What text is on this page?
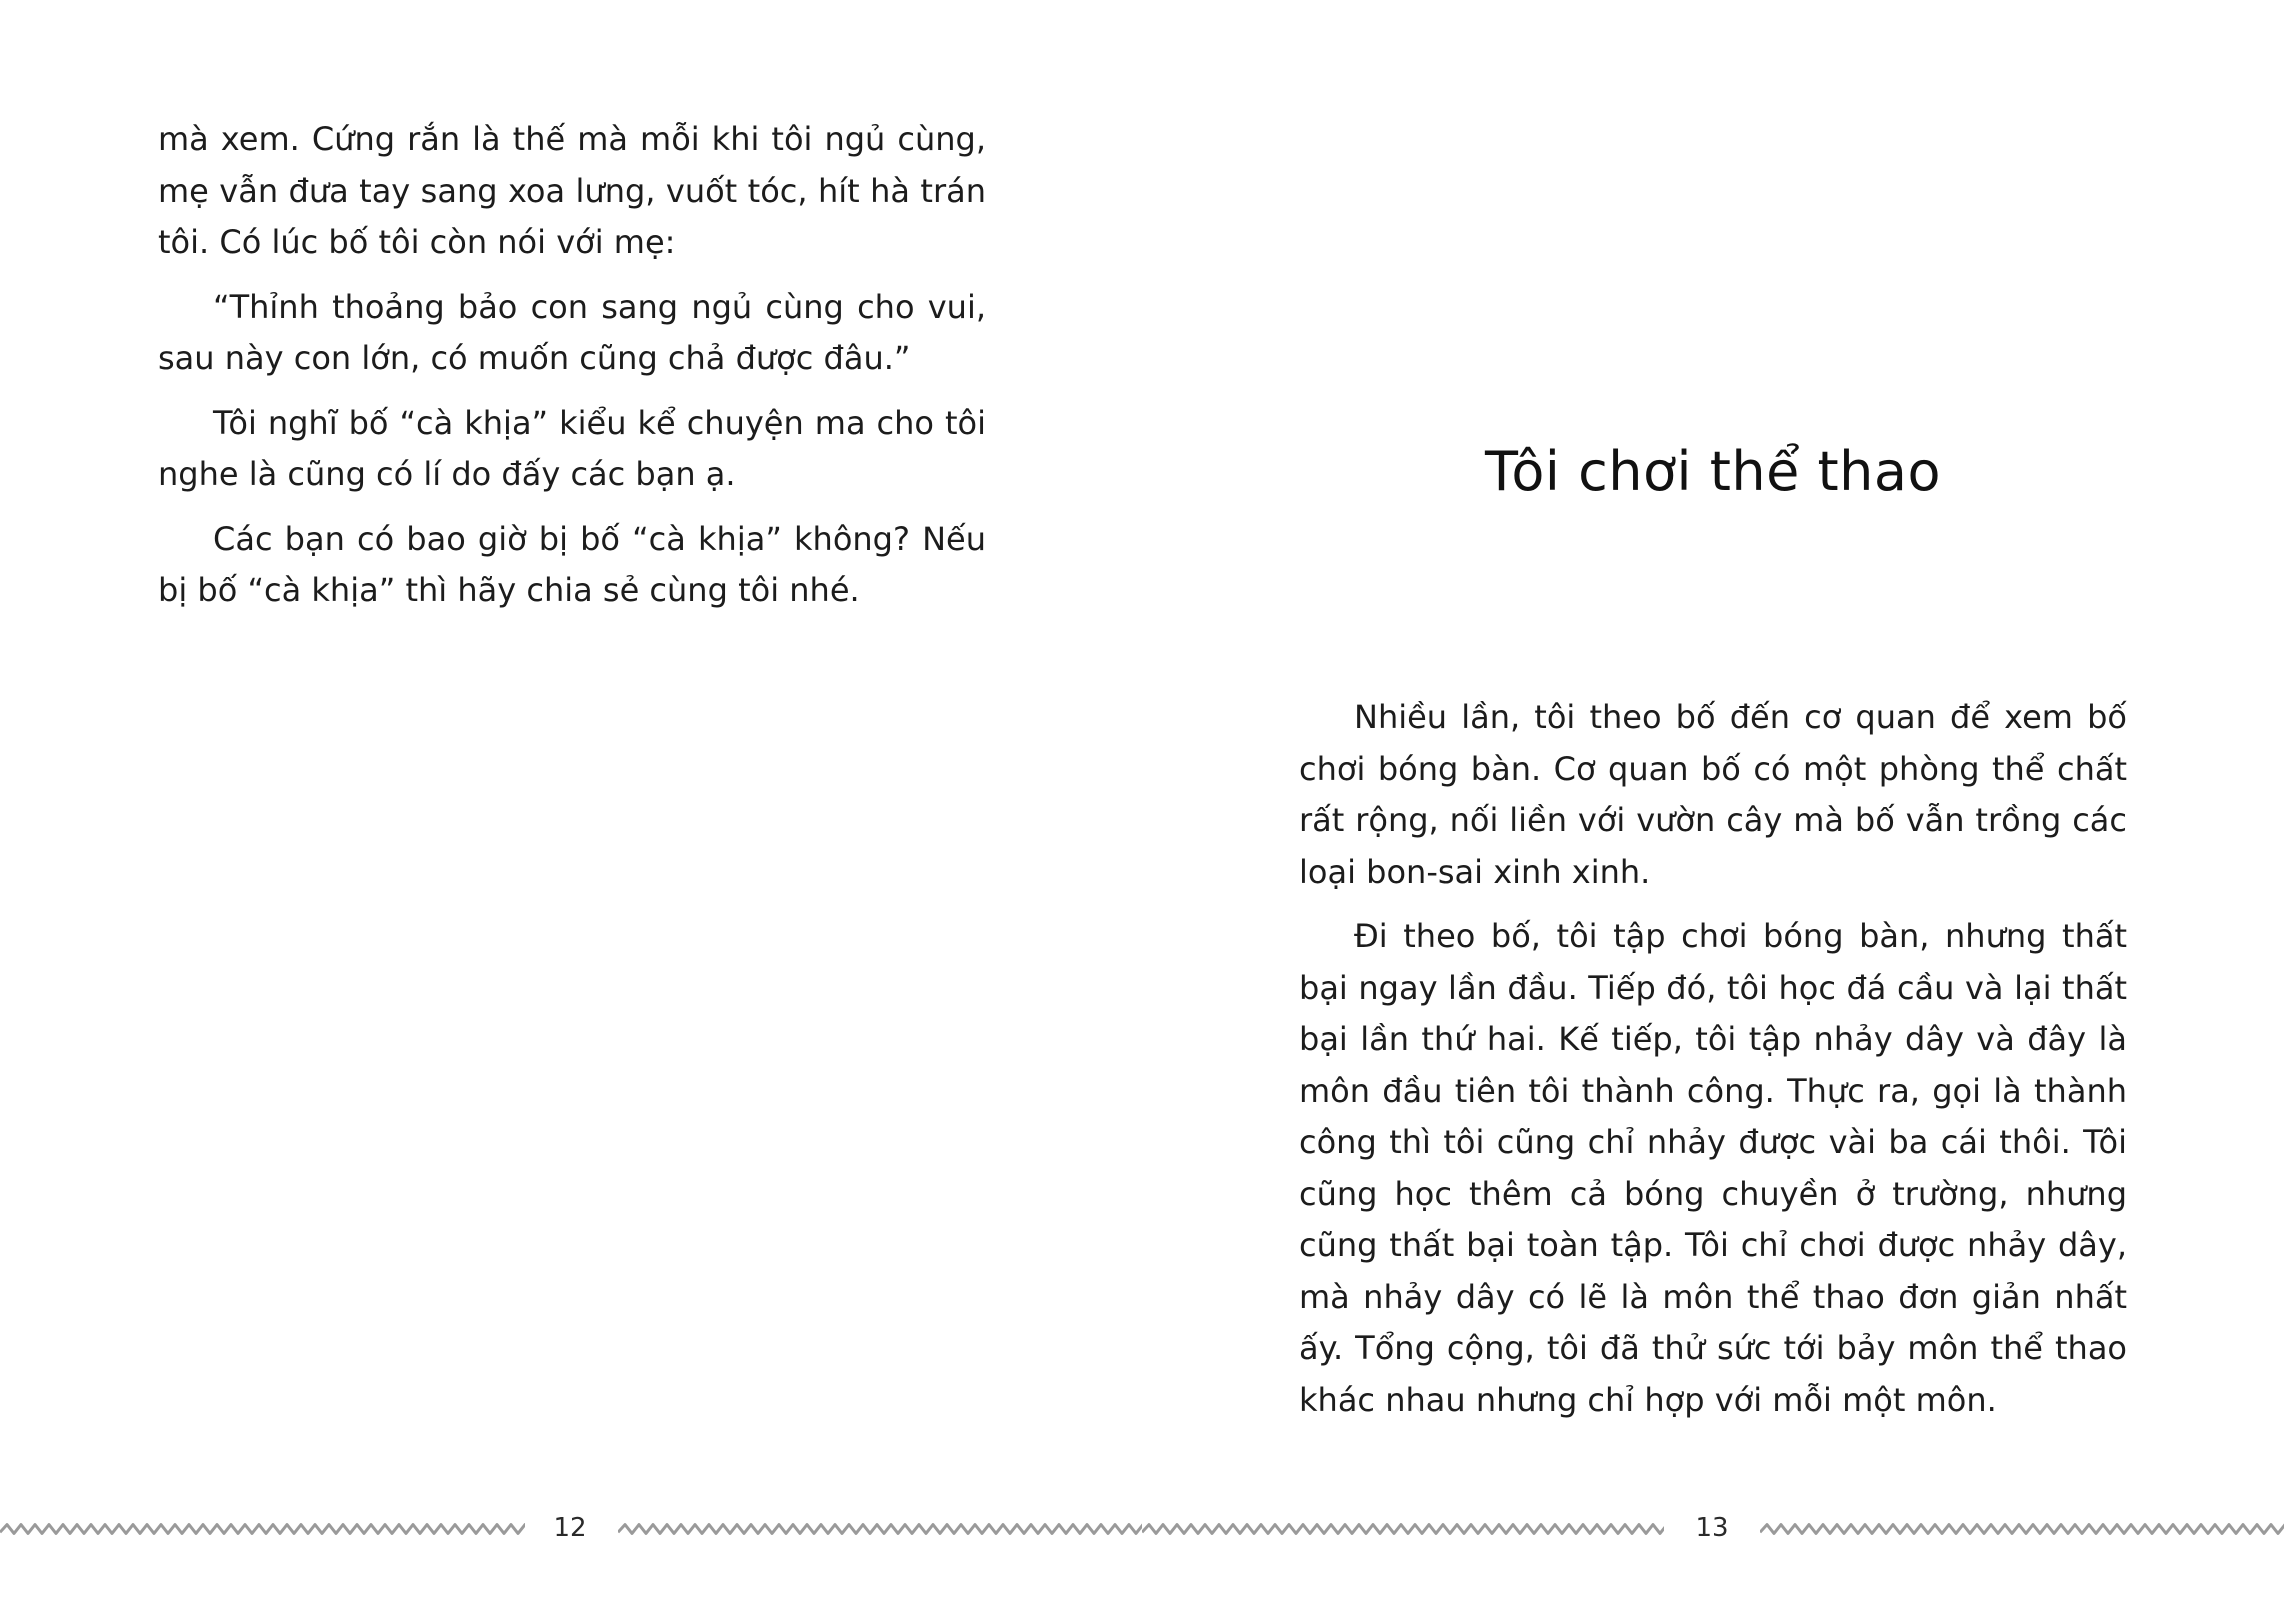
mà xem. Cứng rắn là thế mà mỗi khi tôi ngủ cùng, mẹ vẫn đưa tay sang xoa lưng, vuốt tóc, hít hà trán tôi. Có lúc bố tôi còn nói với mẹ:

“Thỉnh thoảng bảo con sang ngủ cùng cho vui, sau này con lớn, có muốn cũng chả được đâu.”

Tôi nghĩ bố “cà khịa” kiểu kể chuyện ma cho tôi nghe là cũng có lí do đấy các bạn ạ.

Các bạn có bao giờ bị bố “cà khịa” không? Nếu bị bố “cà khịa” thì hãy chia sẻ cùng tôi nhé.

12
Tôi chơi thể thao

Nhiều lần, tôi theo bố đến cơ quan để xem bố chơi bóng bàn. Cơ quan bố có một phòng thể chất rất rộng, nối liền với vườn cây mà bố vẫn trồng các loại bon-sai xinh xinh.

Đi theo bố, tôi tập chơi bóng bàn, nhưng thất bại ngay lần đầu. Tiếp đó, tôi học đá cầu và lại thất bại lần thứ hai. Kế tiếp, tôi tập nhảy dây và đây là môn đầu tiên tôi thành công. Thực ra, gọi là thành công thì tôi cũng chỉ nhảy được vài ba cái thôi. Tôi cũng học thêm cả bóng chuyền ở trường, nhưng cũng thất bại toàn tập. Tôi chỉ chơi được nhảy dây, mà nhảy dây có lẽ là môn thể thao đơn giản nhất ấy. Tổng cộng, tôi đã thử sức tới bảy môn thể thao khác nhau nhưng chỉ hợp với mỗi một môn.

13
